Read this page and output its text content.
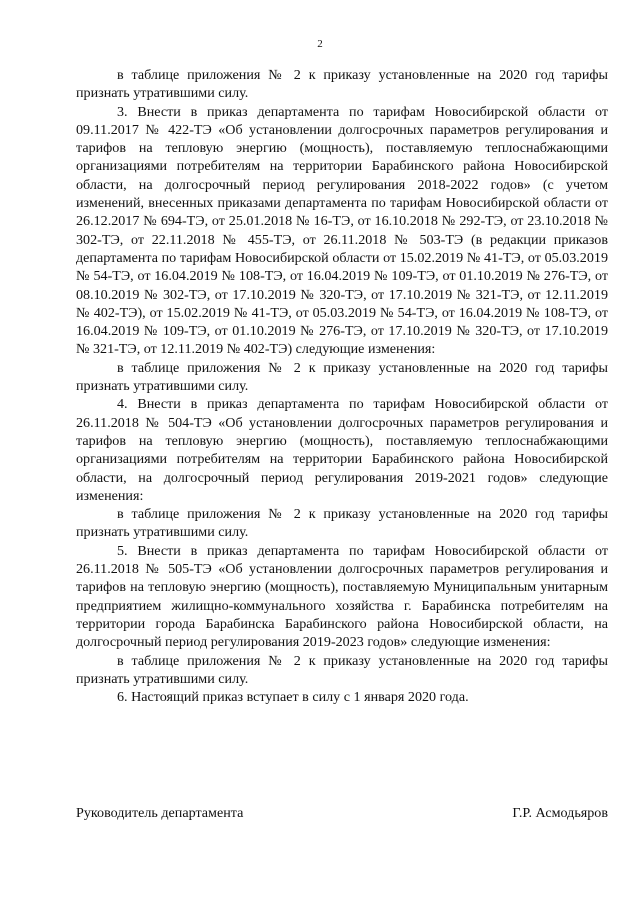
2

в таблице приложения № 2 к приказу установленные на 2020 год тарифы признать утратившими силу.

3. Внести в приказ департамента по тарифам Новосибирской области от 09.11.2017 № 422-ТЭ «Об установлении долгосрочных параметров регулирования и тарифов на тепловую энергию (мощность), поставляемую теплоснабжающими организациями потребителям на территории Барабинского района Новосибирской области, на долгосрочный период регулирования 2018-2022 годов» (с учетом изменений, внесенных приказами департамента по тарифам Новосибирской области от 26.12.2017 № 694-ТЭ, от 25.01.2018 № 16-ТЭ, от 16.10.2018 № 292-ТЭ, от 23.10.2018 № 302-ТЭ, от 22.11.2018 № 455-ТЭ, от 26.11.2018 № 503-ТЭ (в редакции приказов департамента по тарифам Новосибирской области от 15.02.2019 № 41-ТЭ, от 05.03.2019 № 54-ТЭ, от 16.04.2019 № 108-ТЭ, от 16.04.2019 № 109-ТЭ, от 01.10.2019 № 276-ТЭ, от 08.10.2019 № 302-ТЭ, от 17.10.2019 № 320-ТЭ, от 17.10.2019 № 321-ТЭ, от 12.11.2019 № 402-ТЭ), от 15.02.2019 № 41-ТЭ, от 05.03.2019 № 54-ТЭ, от 16.04.2019 № 108-ТЭ, от 16.04.2019 № 109-ТЭ, от 01.10.2019 № 276-ТЭ, от 17.10.2019 № 320-ТЭ, от 17.10.2019 № 321-ТЭ, от 12.11.2019 № 402-ТЭ) следующие изменения:

в таблице приложения № 2 к приказу установленные на 2020 год тарифы признать утратившими силу.

4. Внести в приказ департамента по тарифам Новосибирской области от 26.11.2018 № 504-ТЭ «Об установлении долгосрочных параметров регулирования и тарифов на тепловую энергию (мощность), поставляемую теплоснабжающими организациями потребителям на территории Барабинского района Новосибирской области, на долгосрочный период регулирования 2019-2021 годов» следующие изменения:

в таблице приложения № 2 к приказу установленные на 2020 год тарифы признать утратившими силу.

5. Внести в приказ департамента по тарифам Новосибирской области от 26.11.2018 № 505-ТЭ «Об установлении долгосрочных параметров регулирования и тарифов на тепловую энергию (мощность), поставляемую Муниципальным унитарным предприятием жилищно-коммунального хозяйства г. Барабинска потребителям на территории города Барабинска Барабинского района Новосибирской области, на долгосрочный период регулирования 2019-2023 годов» следующие изменения:

в таблице приложения № 2 к приказу установленные на 2020 год тарифы признать утратившими силу.

6. Настоящий приказ вступает в силу с 1 января 2020 года.

Руководитель департамента	Г.Р. Асмодьяров
